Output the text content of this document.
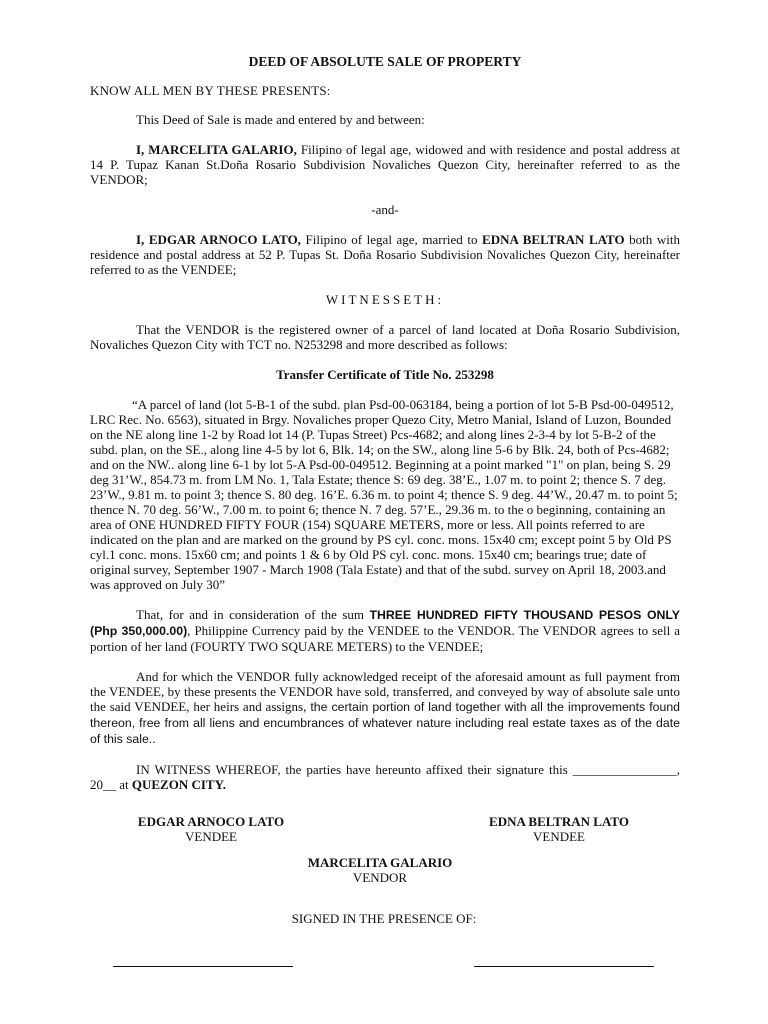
DEED OF ABSOLUTE SALE OF PROPERTY
KNOW ALL MEN BY THESE PRESENTS:

This Deed of Sale is made and entered by and between:

I, MARCELITA GALARIO, Filipino of legal age, widowed and with residence and postal address at 14 P. Tupaz Kanan St.Doña Rosario Subdivision Novaliches Quezon City, hereinafter referred to as the VENDOR;

-and-

I, EDGAR ARNOCO LATO, Filipino of legal age, married to EDNA BELTRAN LATO both with residence and postal address at 52 P. Tupas St. Doña Rosario Subdivision Novaliches Quezon City, hereinafter referred to as the VENDEE;

WITNESSETH:

That the VENDOR is the registered owner of a parcel of land located at Doña Rosario Subdivision, Novaliches Quezon City with TCT no. N253298 and more described as follows:

Transfer Certificate of Title No. 253298

“A parcel of land (lot 5-B-1 of the subd. plan Psd-00-063184, being a portion of lot 5-B Psd-00-049512, LRC Rec. No. 6563), situated in Brgy. Novaliches proper Quezo City, Metro Manial, Island of Luzon, Bounded on the NE along line 1-2 by Road lot 14 (P. Tupas Street) Pcs-4682; and along lines 2-3-4 by lot 5-B-2 of the subd. plan, on the SE., along line 4-5 by lot 6, Blk. 14; on the SW., along line 5-6 by Blk. 24, both of Pcs-4682; and on the NW.. along line 6-1 by lot 5-A Psd-00-049512. Beginning at a point marked "1" on plan, being S. 29 deg 31’W., 854.73 m. from LM No. 1, Tala Estate; thence S: 69 deg. 38’E., 1.07 m. to point 2; thence S. 7 deg. 23’W., 9.81 m. to point 3; thence S. 80 deg. 16’E. 6.36 m. to point 4; thence S. 9 deg. 44’W., 20.47 m. to point 5; thence N. 70 deg. 56’W., 7.00 m. to point 6; thence N. 7 deg. 57’E., 29.36 m. to the o beginning, containing an area of ONE HUNDRED FIFTY FOUR (154) SQUARE METERS, more or less. All points referred to are indicated on the plan and are marked on the ground by PS cyl. conc. mons. 15x40 cm; except point 5 by Old PS cyl.1 conc. mons. 15x60 cm; and points 1 & 6 by Old PS cyl. conc. mons. 15x40 cm; bearings true; date of original survey, September 1907 - March 1908 (Tala Estate) and that of the subd. survey on April 18, 2003.and was approved on July 30”

That, for and in consideration of the sum THREE HUNDRED FIFTY THOUSAND PESOS ONLY (Php 350,000.00), Philippine Currency paid by the VENDEE to the VENDOR. The VENDOR agrees to sell a portion of her land (FOURTY TWO SQUARE METERS) to the VENDEE;

And for which the VENDOR fully acknowledged receipt of the aforesaid amount as full payment from the VENDEE, by these presents the VENDOR have sold, transferred, and conveyed by way of absolute sale unto the said VENDEE, her heirs and assigns, the certain portion of land together with all the improvements found thereon, free from all liens and encumbrances of whatever nature including real estate taxes as of the date of this sale..

IN WITNESS WHEREOF, the parties have hereunto affixed their signature this ________________, 20__ at QUEZON CITY.

EDGAR ARNOCO LATO
VENDEE
EDNA BELTRAN LATO
VENDEE
MARCELITA GALARIO
VENDOR
SIGNED IN THE PRESENCE OF:
